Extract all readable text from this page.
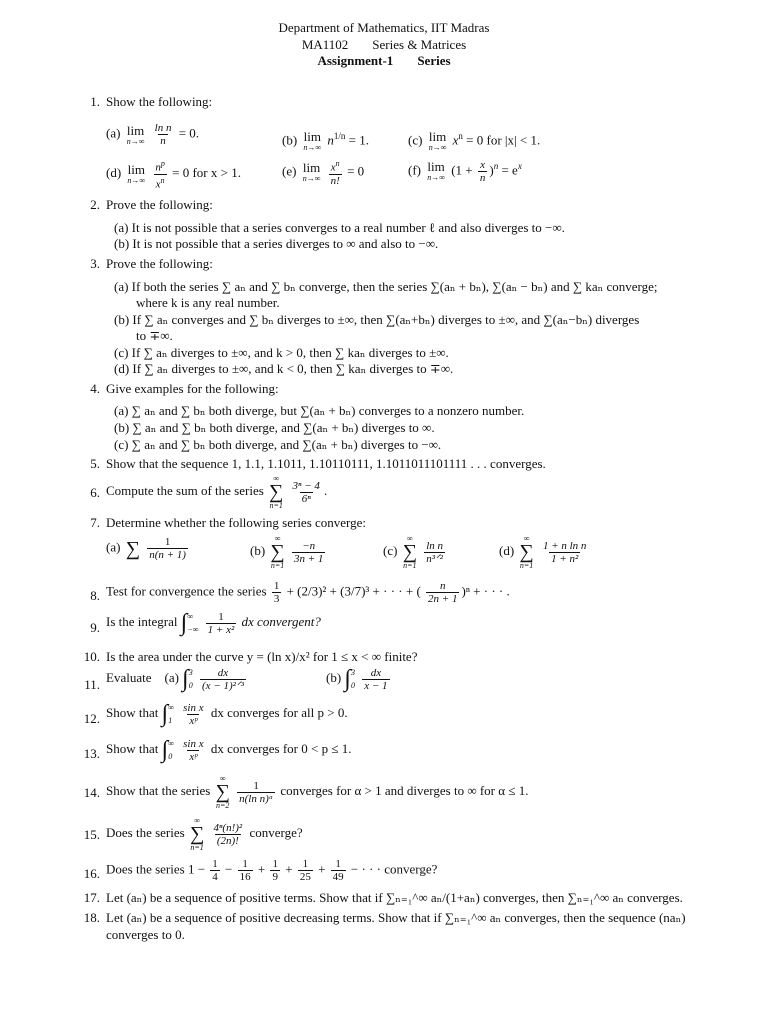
Department of Mathematics, IIT Madras
MA1102 Series & Matrices
Assignment-1 Series
1. Show the following:
(a) lim
n→∞
$\frac{\text{ln n}}{n} = 0$.	(b) lim
n→∞
$n^{1/n} = 1$.	(c) lim
n→∞
$x^n = 0$ for |x| < 1.
(d) lim
n→∞
$\frac{n^p}{x^n} = 0$ for x > 1.	(e) lim
n→∞
$\frac{x^n}{n!} = 0$	(f) lim
n→∞
$(1 + \frac{x}{n} )^n = e^x$
2. Prove the following:
(a) It is not possible that a series converges to a real number ℓ and also diverges to −∞.
(b) It is not possible that a series diverges to ∞ and also to −∞.
3. Prove the following:
(a) If both the series ∑ aₙ and ∑ bₙ converge, then the series ∑(aₙ + bₙ), ∑(aₙ − bₙ) and ∑ kaₙ converge;
where k is any real number.
(b) If ∑ aₙ converges and ∑ bₙ diverges to ±∞, then ∑(aₙ+bₙ) diverges to ±∞, and ∑(aₙ−bₙ) diverges
to ∓∞.
(c) If ∑ aₙ diverges to ±∞, and k > 0, then ∑ kaₙ diverges to ±∞.
(d) If ∑ aₙ diverges to ±∞, and k < 0, then ∑ kaₙ diverges to ∓∞.
4. Give examples for the following:
(a) ∑ aₙ and ∑ bₙ both diverge, but ∑(aₙ + bₙ) converges to a nonzero number.
(b) ∑ aₙ and ∑ bₙ both diverge, and ∑(aₙ + bₙ) diverges to ∞.
(c) ∑ aₙ and ∑ bₙ both diverge, and ∑(aₙ + bₙ) diverges to −∞.
5. Show that the sequence 1, 1.1, 1.1011, 1.10110111, 1.1011011101111 . . . converges.
6. Compute the sum of the series
∞
∑
n=1

$\frac{\text{3ⁿ − 4}}{\text{6ⁿ}}$ .
7. Determine whether the following series converge:
(a) ∑
$\frac{1}{n(n + 1)}$	(b)
∞
∑
n=1

$\frac{-n}{3n + 1}$	(c)
∞
∑
n=1

$\frac{\text{ln n}}{\text{n³ᐟ²}}$	(d)
∞
∑
n=1

$\frac{\text{1 + n ln n}}{\text{1 + n²}}$
8. Test for convergence the series $\frac{1}{3} + (2/3)^2 + (3/7)^3$ + · · · + ( $\frac{n}{2n + 1} )^n$ + · · · .
9. Is the integral ∫ ∞
−∞
$\frac{1}{\text{1 + x²}}$ dx convergent?
10. Is the area under the curve y = (ln x)/x² for 1 ≤ x < ∞ finite?
11. Evaluate (a) ∫ 3
0
$\frac{dx}{\text{(x − 1)²ᐟ³}}$	(b) ∫ 3
0
$\frac{dx}{x - 1}$
12. Show that ∫ ∞
1
$\frac{\text{sin x}}{\text{xᵖ}}$ dx converges for all p > 0.
13. Show that ∫ ∞
0
$\frac{\text{sin x}}{\text{xᵖ}}$ dx converges for 0 < p ≤ 1.
14. Show that the series
∞
∑
n=2

$\frac{1}{\text{n(ln n)ᵅ}}$ converges for α > 1 and diverges to ∞ for α ≤ 1.
15. Does the series
∞
∑
n=1

$\frac{\text{4ⁿ(n!)²}}{(2n)!}$ converge?
16. Does the series $1 - \frac{1}{4} - \frac{1}{16} + \frac{1}{9} + \frac{1}{25} + \frac{1}{49}$ − · · · converge?
17. Let (aₙ) be a sequence of positive terms. Show that if ∑ₙ₌₁^∞ aₙ/(1+aₙ) converges, then ∑ₙ₌₁^∞ aₙ converges.
18. Let (aₙ) be a sequence of positive decreasing terms. Show that if ∑ₙ₌₁^∞ aₙ converges, then the sequence (naₙ)
converges to 0.
